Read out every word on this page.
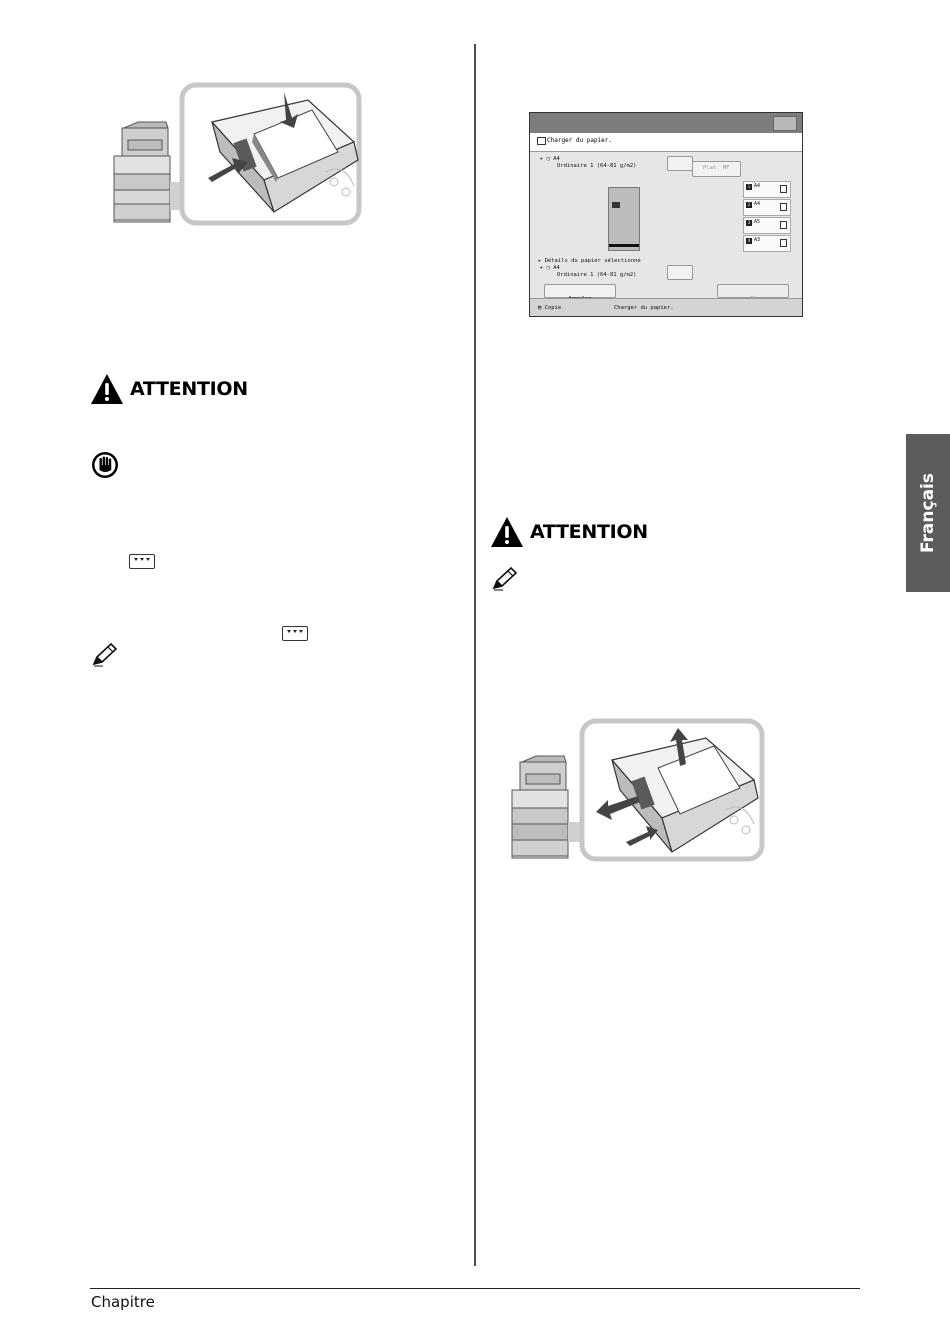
ATTENTION
Charger du papier.
▸ ▢ A4
Ordinaire 1 (64-81 g/m2)	Plat. MF
1 A4
2 A4
3 A5
4 A3
▸ Détails du papier sélectionné
▸ ▢ A4
Ordinaire 1 (64-81 g/m2)
▤ Copie	Charger du papier.
ATTENTION	Français
Chapitre
